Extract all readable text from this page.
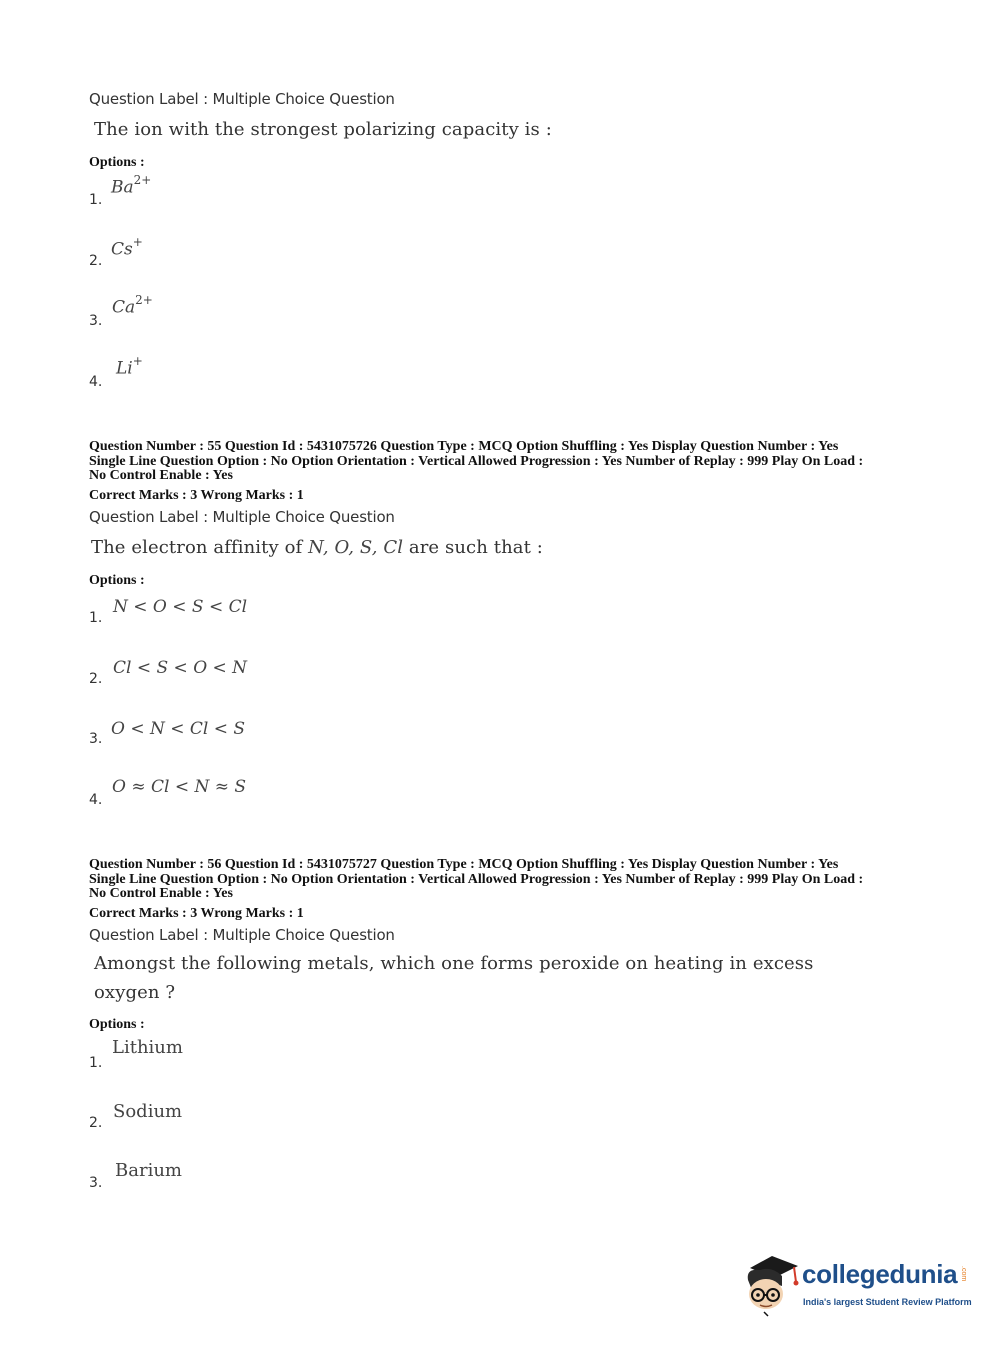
Question Label : Multiple Choice Question
The ion with the strongest polarizing capacity is :
Options :
1.
$Ba^{2+}$
2.
Cs+
3.
$Ca^{2+}$
4.
Li+
Question Number : 55 Question Id : 5431075726 Question Type : MCQ Option Shuffling : Yes Display Question Number : Yes
Single Line Question Option : No Option Orientation : Vertical Allowed Progression : Yes Number of Replay : 999 Play On Load :
No Control Enable : Yes
Correct Marks : 3 Wrong Marks : 1
Question Label : Multiple Choice Question
The electron affinity of N, O, S, Cl are such that :
Options :
1.
N < O < S < Cl
2.
Cl < S < O < N
3. O < N < Cl < S
4.
O ≈ Cl < N ≈ S
Question Number : 56 Question Id : 5431075727 Question Type : MCQ Option Shuffling : Yes Display Question Number : Yes
Single Line Question Option : No Option Orientation : Vertical Allowed Progression : Yes Number of Replay : 999 Play On Load :
No Control Enable : Yes
Correct Marks : 3 Wrong Marks : 1
Question Label : Multiple Choice Question
Amongst the following metals, which one forms peroxide on heating in excess
oxygen ?
Options :
1.
Lithium
2.
Sodium
3.
Barium
collegedunia .com
India's largest Student Review Platform
